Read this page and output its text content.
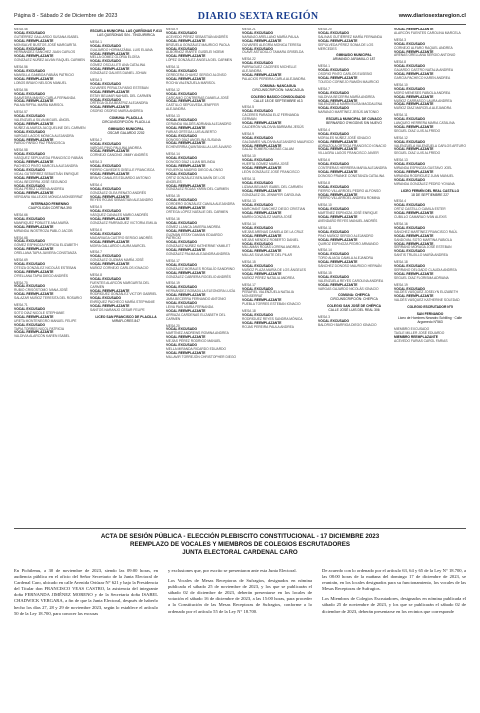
Página 8 - Sábado 2 de Diciembre de 2023	DIARIO SEXTA REGIÓN	www.diariosextaregion.cl
MESA 46
VOCAL EXCUSADO
GUTIÉRREZ GALLARDO SUSANA ISABEL
VOCAL REEMPLAZANTE
MONSALVE BUSTOS JOSÉ MARGARITA
VOCAL EXCUSADO
HERNÁNDEZ SÁNCHEZ JUAN CARLOS
VOCAL REEMPLAZANTE
GONZÁLEZ NÚÑEZ ALVÁN RAQUEL CARMEN
MESA 56
VOCAL EXCUSADO
MANSILLA GAMBOA FABIÁN PATRICIO
VOCAL REEMPLAZANTE
LOBOS BRAVO NELSON MANUEL
MESA 56
VOCAL EXCUSADO
SAAVEDRA MANSO CARLA FERNANDA
VOCAL REEMPLAZANTE
PALMA RIFFAL MARÍA MARISOL
MESA 57
VOCAL EXCUSADO
VALENZUELA SILVA MIGUEL ÁNGEL
VOCAL REEMPLAZANTE
NÚÑEZ ALMARZA JACQUELINE DEL CARMEN
VOCAL EXCUSADO
VARGAS LAGOS MÓNICA ALEJANDRA
VOCAL REEMPLAZANTE
PARDO PARDO PAZ FRANCISCA
MESA 58
VOCAL EXCUSADO
VÁSQUEZ SEPÚLVEDA FRANCISCO FABIÁN
VOCAL REEMPLAZANTE
PACHECO PINTO MARCELA ALEJANDRA
VOCAL EXCUSADO
VIDAL GUTIÉRREZ SEBASTIÁN ENRIQUE
VOCAL REEMPLAZANTE
VIDAL BECERRA JOSÉ SEGUNDO
VOCAL EXCUSADO
VIDAL PÉREZ LORENA ANDREA
VOCAL REEMPLAZANTE
VERGARA VALLEJOS MÓNICA MONSERRAT
INTERNADO FEMENINO
CAUPOLICÁN CORTINA 390
MESA 66
VOCAL EXCUSADO
MANRIQUEZ POBLETE ANA MARÍA
VOCAL REEMPLAZANTE
MIRANDA INOSTROZA PABLO JACOB
MESA 68
VOCAL EXCUSADO
GÓMEZ ESPINOZA PATRICIA ELIZABETH
VOCAL REEMPLAZANTE
ORELLANA TAPIA JAVIERA CONSTANZA
MESA 69
VOCAL EXCUSADO
OTEIZA GONZÁLEZ NICOLÁS ESTEBAN
VOCAL REEMPLAZANTE
O'RELLANA TAPIA DIEGO ANDRÉS
MESA 70
VOCAL EXCUSADO
RUBIO CRISÓSTOMO IVANA JOSÉ
VOCAL REEMPLAZANTE
SALAZAR MUÑOZ TERESITA DEL ROSARIO
MESA 71
VOCAL EXCUSADO
SOTO DÍAZ NICOLE STEPHANIE
VOCAL REEMPLAZANTE
URETA MONTENEGRO MANUEL FELIPE
VOCAL EXCUSADO
TAPIA TORRES NICOL PATRICIA
VOCAL REEMPLAZANTE
VALDIVIA ALARCÓN KAREN ISABEL
ESCUELA MUNICIPAL LAS QUEÑONAS F-613
LAS QUEÑONAS S/N - TINGUIRIRICA
MESA 1
VOCAL EXCUSADO
GUAJARDO HORMAZÁBAL LUIS ELIANA
VOCAL REEMPLAZANTE
MELLA GÓMEZ GLORIA ELOÍSA
VOCAL EXCUSADO
GÓMEZ OSCULLETI ANA CATALINA
VOCAL REEMPLAZANTE
GONZÁLEZ GALVES DANIEL JOHAN
MESA 3
VOCAL EXCUSADO
OLIVARES PERALTA FABIO ESTEBAN
VOCAL REEMPLAZANTE
ESTAY BELMAR NAHUEL DEL CARMEN
VOCAL EXCUSADO
ORTEGA OLEA BEATRIZ ALEJANDRA
VOCAL REEMPLAZANTE
OSORIO OSORIO MARÍA ANDREA
COMUNA: PLACILLA
CIRCUNSCRIPCIÓN: PLACILLA
GIMNASIO MUNICIPAL
OSCAR GALARDO 2202
MESA 2
VOCAL EXCUSADO
VARGAS PINO PAULINA ANDREA
VOCAL REEMPLAZANTE
CORNEJO CANCINO JIMMY ANDRÉS
MESA 3
VOCAL EXCUSADO
FIERRO CAVIEDES GISELLE FRANCISCA
VOCAL REEMPLAZANTE
BRAVO CANALES EDUARDO ANTONIO
MESA 4
VOCAL EXCUSADO
GONZÁLEZ OLEA RENATO ANDRÉS
VOCAL REEMPLAZANTE
REYES ROJAS SEBASTIÁN ALEJANDRO
MESA 5
VOCAL EXCUSADO
VÁSQUEZ CANALES MARIO ANDRÉS
VOCAL REEMPLAZANTE
GONZÁLEZ PARRAGUEZ VICTORIA EMILIA
MESA 6
VOCAL EXCUSADO
MADARIAGA CASTRO SERGIO ANDRÉS
VOCAL REEMPLAZANTE
MOIRA GALLARDO LAURA MARCEL
MESA 7
VOCAL EXCUSADO
GONZÁLEZ GUZMÁN MARÍA JOSÉ
VOCAL REEMPLAZANTE
MUÑOZ CORNEJO CARLOS IGNACIO
MESA 8
VOCAL EXCUSADO
FUENTES ALARCÓN MARGARITA DEL CARMEN
VOCAL REEMPLAZANTE
RODRÍGUEZ GONZÁLEZ VICTOR GABRIEL
VOCAL EXCUSADO
ENRÍQUEZ PACHECO MARÍA STEPHANIE
VOCAL REEMPLAZANTE
SANTOS NARANJO CESAR FELIPE
LICEO SAN FRANCISCO DE PLACILLA
MIRAFLORES 847
MESA 9
VOCAL EXCUSADO
ACEVEDO PÉREZ SEBASTIÁN ANDRÉS
VOCAL REEMPLAZANTE
BRIZUELA GONZÁLEZ MAURICIO PAOLA
VOCAL EXCUSADO
ALBORNOZ IRARTE GUSELEI NOEMI
VOCAL REEMPLAZANTE
LÓPEZ GONZÁLEZ ÁNGELA DEL CARMEN
MESA 11
VOCAL EXCUSADO
CERECERA CHAVEZ SERGIO ALONSO
VOCAL REEMPLAZANTE
ROCHA VALENZUELA MARISOL
MESA 12
VOCAL EXCUSADO
CARCAMO CONTRERAS DANIELA JOSÉ
VOCAL REEMPLAZANTE
CASTILLO SEPÚLVEDA JENIFFER ALEJANDRA
MESA 13
VOCAL EXCUSADO
CERANDA VALDÉS ADRIANA ALEJANDRO
VOCAL REEMPLAZANTE
FARIAS ORTEGA LUIS ALBERTO
VOCAL EXCUSADO
DONOSO DÍAZ ANGELINA SUSANA
VOCAL REEMPLAZANTE
ECHEVERRÍA QUINTANILLA LUIS ÁLVARO
MESA 14
VOCAL EXCUSADO
DONOSO DÍAZ LILIAN BELINDA
VOCAL REEMPLAZANTE
FIGUEROA MADRID DIEGO ALONSO
VOCAL EXCUSADO
ORTIZ GONZÁLEZ BENJAMÍN DE LOS ÁNGELES
VOCAL REEMPLAZANTE
GONZÁLEZ ROJAS YARIN DEL CARMEN
MESA 15
VOCAL EXCUSADO
CORDERO GONZÁLEZ CAMILA ALEJANDRA
VOCAL REEMPLAZANTE
ORTEGA LÓPEZ NATALIE DEL CARMEN
MESA 16
VOCAL EXCUSADO
GÓMEZ LLANCA JAVIERA ANDREA
VOCAL REEMPLAZANTE
GUZMÁN ESTAY DAMIAN EDUARDO PATRICIO
VOCAL EXCUSADO
GONZÁLEZ NÚÑEZ KATHERINE YAMILET
VOCAL REEMPLAZANTE
GONZÁLEZ PALMA ALEJANDRA ANDREA
MESA 17
VOCAL EXCUSADO
GONZÁLEZ MORALES ROSALÍO SANDRINO
VOCAL REEMPLAZANTE
GONZÁLEZ CABRERA ROGELIO ANDRÉS
MESA 19
VOCAL EXCUSADO
HERNÁNDEZ BOBADILLA ELEONORA LUCÍA
VOCAL REEMPLAZANTE
JARA BECERRA FERNANDO ANTONIO
VOCAL EXCUSADO
LEIVA PAIS MARÍA FERNANDA
VOCAL REEMPLAZANTE
ARRIAZA CARDENAS ELIZABETH DEL CARMEN
MESA 20
VOCAL EXCUSADO
MARTÍNEZ ANDREWS ROMINA ANDREA
VOCAL REEMPLAZANTE
MEJÍAS PÉREZ RODRIGO MANUEL
VOCAL EXCUSADO
MELLA MIRANDA RICARDO EDUARDO
VOCAL REEMPLAZANTE
MILLAVIR TORREJÓN CHRISTOPHER DIEGO
MESA 21
VOCAL EXCUSADO
NARANJO ARELLANO MARÍA PAULA
VOCAL REEMPLAZANTE
OLIVARES ALEGRÍA MONICA TERESA
VOCAL EXCUSADO
OLAVE ASTUDILLO TAMARA GRISELDA
MESA 22
VOCAL EXCUSADO
PARRAGUEZ CACERES MICHELLE ALEJANDRA
VOCAL REEMPLAZANTE
PALACIOS PEREIRA CARLA ALEJANDRA
COMUNA: NANCAGUA
CIRCUNSCRIPCIÓN: NANCAGUA
COLEGIO BASICO CONSOLIDADO
CALLE 18 DE SEPTIEMBRE #13
MESA 5
VOCAL EXCUSADO
CÁCERES PARADA ELIZ FERNANDA GERMAN
VOCAL REEMPLAZANTE
CALDERÓN VALDIVIA BÁRBARA JESÚS
MESA 9
VOCAL EXCUSADO
GALDAMES VALDIVIA ALEJANDRO MAURICIO
VOCAL REEMPLAZANTE
GALAZ ROMERO MATÍAS CALAM
MESA 10
VOCAL EXCUSADO
HUERTA GÓMEZ MARÍA JOSÉ
VOCAL REEMPLAZANTE
LEÓN GONZÁLEZ JOSÉ FRANCISCO
MESA 11
VOCAL EXCUSADO
LIZANA BELMAR ISABEL DEL CARMEN
VOCAL REEMPLAZANTE
GONZÁLEZ GIL JENNIFER CAROLINA
MESA 13
VOCAL EXCUSADO
MARCHANT SANCHEZ DIEGO CRISTIAN
VOCAL REEMPLAZANTE
MARÍN GONZÁLEZ MARÍA JOSÉ
MESA 14
VOCAL EXCUSADO
MEJÍAS ARENAS DANIELA DE LA CRUZ
VOCAL REEMPLAZANTE
MEJÍAS MENDEZ ROBERTO DANIEL
VOCAL EXCUSADO
MILLAMÁN ROJAS LORENA ANDREA
VOCAL REEMPLAZANTE
MILLAS SILVA MAITE DEL PILAR
MESA 15
VOCAL EXCUSADO
MUÑOZ PLAZA MARÍA DE LOS ÁNGELES
VOCAL REEMPLAZANTE
MUÑOZ PÉREZ NATALIA ANDREA
MESA 17
VOCAL EXCUSADO
PEÑAFIEL VALENZUELA NATALIA MONSERRAT
VOCAL REEMPLAZANTE
PUEBLA TORRES ESTEBAN IGNACIO
MESA 18
VOCAL EXCUSADO
RODRÍGUEZ REYES SANDRA MÓNICA
VOCAL REEMPLAZANTE
ROJAS PEREIRA PAULA ANDREA
MESA 20
VOCAL EXCUSADO
SALINAS GUTIÉRREZ MARÍA FERNANDA
VOCAL REEMPLAZANTE
SEPÚLVEDA PÉREZ SONIA DE LOS MERCEDES
GIMNASIO MUNICIPAL
ARMANDO JARAMILLO 187
MESA 1
VOCAL EXCUSADO
OSORIO PINTO CARLOS EUSEBIO
VOCAL REEMPLAZANTE
TOLEDO CORNEJO RAMÓN MAURICIO
MESA 7
VOCAL EXCUSADO
VALDIVIA BECERRA MARÍA ANDREA
VOCAL REEMPLAZANTE
VALENZUELA MARÍN ELISA MAGDALENA
VOCAL EXCUSADO
NARANJO MARTÍNEZ JESÚS ANTONIO
ESCUELA MUNICIPAL DE CUNACO
BERNARDO O'HIGGINS S/N NUEVO
MESA 4
VOCAL EXCUSADO
MORALES NÚÑEZ JOSÉ IGNACIO
VOCAL REEMPLAZANTE
ADRIAZOLA ORTEGA FRANCISCO IGNACIO
VOCAL REEMPLAZANTE
VILLAGRA LAGOS FRANCISCO JAVIER
MESA 6
VOCAL EXCUSADO
CONTRERAS HERRERA MARIA ALEJANDRA
VOCAL REEMPLAZANTE
DONOSO FRANKE CONSTANZA CATALINA
MESA 8
VOCAL EXCUSADO
FIERRO VILLARROEL PEDRO ALFONSO
VOCAL REEMPLAZANTE
FIERRO VILLARROEL ANDREA ROMINA
MESA 10
VOCAL EXCUSADO
MARTÍNEZ ESPINOZA JOSÉ ENRIQUE
VOCAL REEMPLAZANTE
AVENDAÑO REYES MANUEL ANDRÉS
MESA 11
VOCAL EXCUSADO
PINO MUÑOZ SERGIO ALEJANDRO
VOCAL REEMPLAZANTE
QUIROZ ESPINOZA PEDRO ARMANDO
MESA 14
VOCAL EXCUSADO
TORO ALIAGA CAMILA ALEJANDRA
VOCAL REEMPLAZANTE
SÁNCHEZ DONOSO MAURICIO HERNÁN
MESA 15
VOCAL EXCUSADO
VALENZUELA REYES CAROLINA ANDREA
VOCAL REEMPLAZANTE
VARGAS GAJARDO NICOLÁS IGNACIO
COMUNA: CHEPICA
CIRCUNSCRIPCIÓN: CHEPICA
COLEGIO SAN JOSÉ DE CHÉPICA
CALLE JOSÉ LUIS DEL REAL 306
MESA 3
VOCAL EXCUSADO
BALDRICH BARRIGA DIEGO IGNACIO
VOCAL REEMPLAZANTE
ALARCÓN FUENTES CAROLINA MARCELA
MESA 3
VOCAL EXCUSADO
CORNEJO ALFARO RAQUEL ANDREA
VOCAL REEMPLAZANTE
ARENAS ORELLANA SERGIO ANTONIO
MESA 8
VOCAL EXCUSADO
GAJARDO CASTRO NATALIA ANDREA
VOCAL REEMPLAZANTE
GARCÍA PACHECO KAREN ANDREA
MESA 10
VOCAL EXCUSADO
MORO MENESES FABIOLA ANDREA
VOCAL REEMPLAZANTE
MUÑOZ CARRASCO LAURA ANDREA
VOCAL REEMPLAZANTE
MUÑOZ DÍAZ MARCELA ALEJANDRA
MESA 11
VOCAL EXCUSADO
LANQUEO HERRERA MARIA CATALINA
VOCAL REEMPLAZANTE
SEGUEL DÍAZ LUIS ALFREDO
MESA 12
VOCAL EXCUSADO
VALENZUELA VALENZUELA CARLOS ARTURO
VOCAL REEMPLAZANTE
SEGUEL DÍAZ LUIS ALFREDO
MESA 13
VOCAL EXCUSADO
MIRANDA ESPINOZA GUSTAVO JOEL
VOCAL REEMPLAZANTE
MIRANDA RODRÍGUEZ JUAN MANUEL
VOCAL EXCUSADO
MIRANDA GONZÁLEZ PEDRO YOVANA
LICEO FERMÍN DEL REAL CASTILLO
18 DE SEPTIEMBRE 227
MESA 4
VOCAL EXCUSADO
ORTIZ CASTILLO CAMILA ESTER
VOCAL REEMPLAZANTE
CUBILLO CAMARAO IVÁN ALEXIS
MESA 16
VOCAL EXCUSADO
SÁNCHEZ MARTÍNEZ FRANCISCO RAÚL
VOCAL REEMPLAZANTE
SANDOVAL SOTO MARTINA FABIOLA
VOCAL REEMPLAZANTE
SERRANO MORAGA JOSÉ ESTEBAN
VOCAL EXCUSADO
SANTIS TRUJILLO MARÍA ANDREA
MESA 18
VOCAL EXCUSADO
SERRANO DELGADO CLAUDIA ANDREA
VOCAL REEMPLAZANTE
SEGUEL DÍAZ FLORISMA ADRIANA
MESA 19
VOCAL EXCUSADO
VALDÉS VÁSQUEZ JOSELYN ELIZABETH
VOCAL REEMPLAZANTE
VALDÉS VÁSQUEZ KATHERINE SOLEDAD
COLEGIO ESCRUTADOR N°5
SAN FERNANDO
Liceo de Hombres Neandro Schilling · Calle Argomedo N°563
MIEMBRO EXCUSADO
TAGLE MILLER JOSÉ EDUARDO
MIEMBRO REEMPLAZANTE
ACEVEDO FARIAS CAROL FARIAS
ACTA DE SESIÓN PÚBLICA - ELECCIÓN PLEBISCITO CONSTITUCIONAL - 17 DICIEMBRE 2023
REEMPLAZO DE VOCALES Y MIEMBROS DE COLEGIOS ESCRUTADORES
JUNTA ELECTORAL CARDENAL CARO

En Pichilemu, a 30 de noviembre de 2023, siendo las 09:00 horas, en audiencia pública en el oficio del Señor Secretario de la Junta Electoral de Cardenal Caro, ubicado en calle Avenida Ortúzar N° 621 y bajo la Presidencia del Titular don FRANCISCO VEAS CASTRO, la asistencia del integrante doña FERNANDA JIMÉNEZ MORENO y de la Secretaria doña ISABEL CHADWICK VERGARA, a fin de que la Junta Electoral, después de haberlo hecho los días 27, 28 y 29 de noviembre 2023, según lo establece el artículo 50 de la Ley 18.700, para conocer las excusas

y exclusiones que, por escrito se presentaron ante esta Junta Electoral.

Los Vocales de Mesas Receptoras de Sufragios, designados en nómina publicada el sábado 25 de noviembre de 2023, y los que se publicarán el sábado 02 de diciembre de 2023, deberán presentarse en los locales de votación el sábado 16 de diciembre de 2023, a las 15:00 horas, para proceder a la Constitución de las Mesas Receptoras de Sufragios, conforme a lo ordenado por el artículo 55 de la Ley N° 18.700.

De acuerdo con lo ordenado por el artículo 63, 64 y 65 de la Ley N° 18.700, a las 08:00 horas de la mañana del domingo 17 de diciembre de 2023, se reunirán, en los locales designados para su funcionamiento, los vocales de las Mesas Receptoras de Sufragios.

Los Miembros de Colegios Escrutadores, designados en nómina publicada el sábado 25 de noviembre de 2023, y los que se publicarán el sábado 02 de diciembre de 2023, deberán presentarse en los recintos que corresponde
